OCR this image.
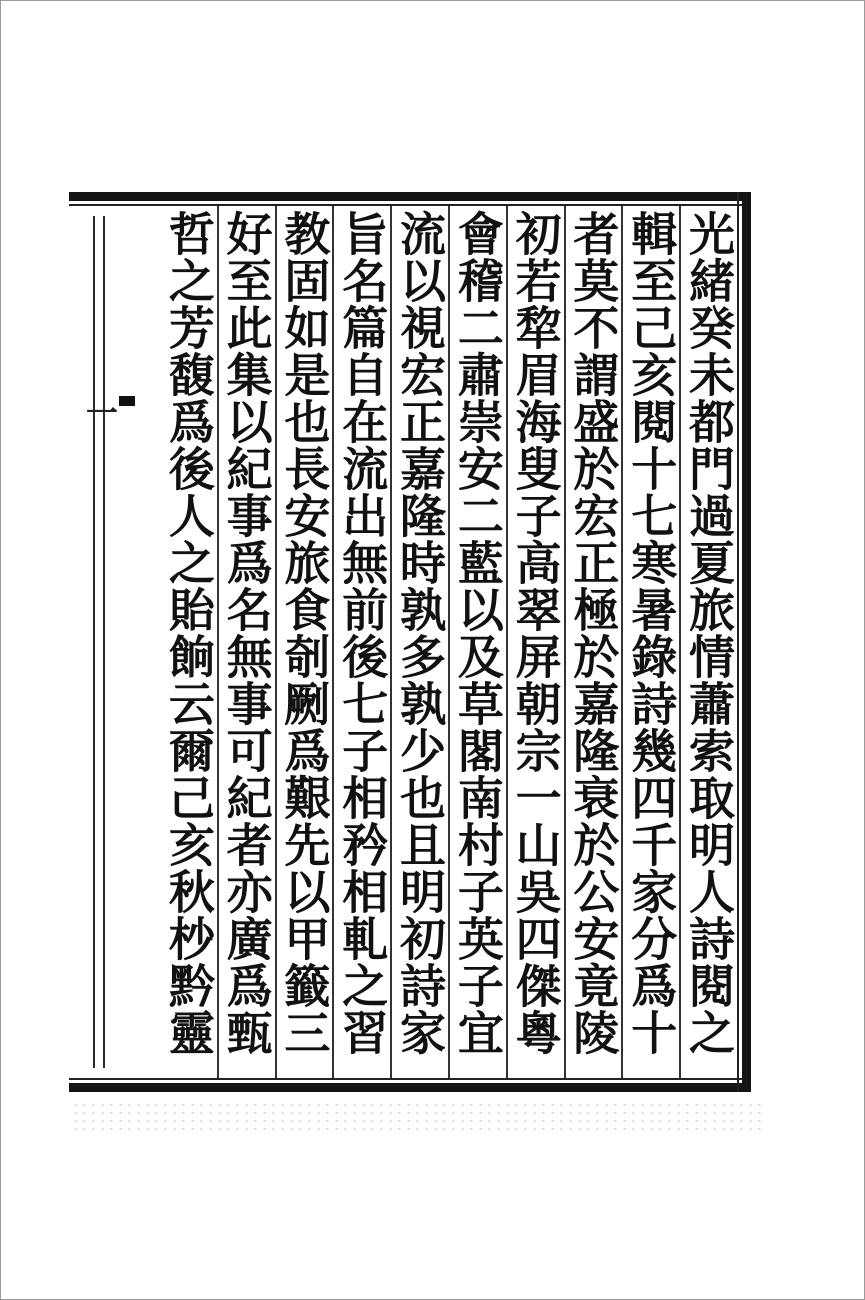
一
光緒癸未都門過夏旅情蕭索取明人詩閱之
輯至己亥閱十七寒暑錄詩幾四千家分爲十
者莫不謂盛於宏正極於嘉隆衰於公安竟陵
初若犂眉海叟子高翠屏朝宗一山吳四傑粵
會稽二肅崇安二藍以及草閣南村子英子宜
流以視宏正嘉隆時孰多孰少也且明初詩家
旨名篇自在流出無前後七子相矜相軋之習
教固如是也長安旅食剞劂爲艱先以甲籤三
好至此集以紀事爲名無事可紀者亦廣爲甄
哲之芳馥爲後人之貽餉云爾己亥秋杪黔靈
